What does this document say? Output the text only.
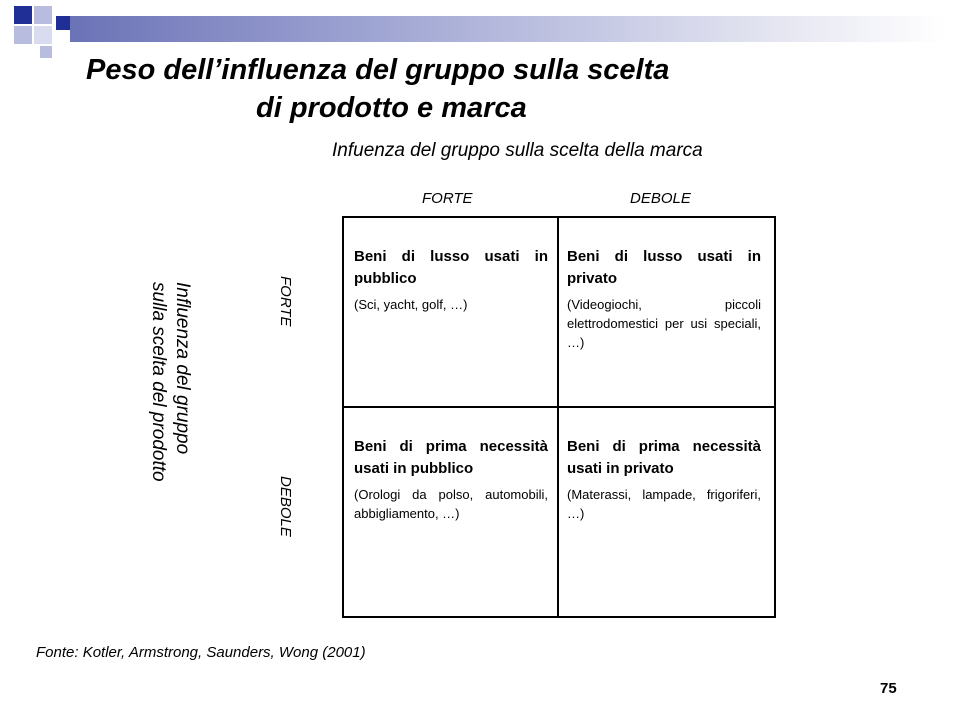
Peso dell’influenza del gruppo sulla scelta
di prodotto e marca
Infuenza del gruppo sulla scelta della marca
FORTE	DEBOLE
FORTE
DEBOLE
Influenza del gruppo
sulla scelta del prodotto
Beni di lusso usati in pubblico
(Sci, yacht, golf, …)
Beni di lusso usati in privato
(Videogiochi, piccoli elettrodomestici per usi speciali, …)
Beni di prima necessità usati in pubblico
(Orologi da polso, automobili, abbigliamento, …)
Beni di prima necessità usati in privato
(Materassi, lampade, frigoriferi, …)
Fonte: Kotler, Armstrong, Saunders, Wong (2001)
75
